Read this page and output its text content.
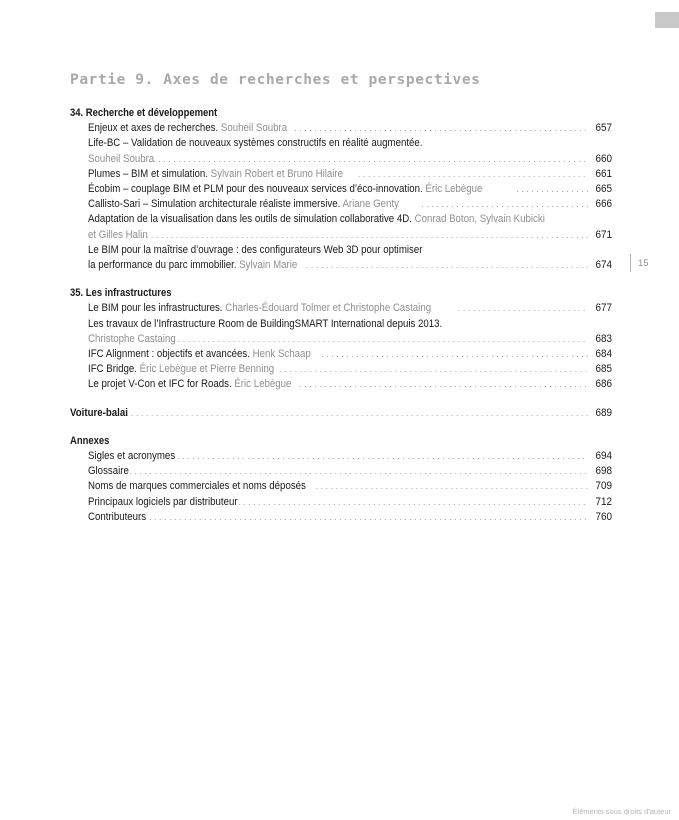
Partie 9. Axes de recherches et perspectives
34. Recherche et développement
Enjeux et axes de recherches. Souheil Soubra . . .	657
Life-BC – Validation de nouveaux systèmes constructifs en réalité augmentée.
Souheil Soubra . . .	660
Plumes – BIM et simulation. Sylvain Robert et Bruno Hilaire . . .	661
Écobim – couplage BIM et PLM pour des nouveaux services d’éco-innovation. Éric Lebègue . . .	665
Callisto-Sari – Simulation architecturale réaliste immersive. Ariane Genty . . .	666
Adaptation de la visualisation dans les outils de simulation collaborative 4D. Conrad Boton, Sylvain Kubicki
et Gilles Halin . . .	671
Le BIM pour la maîtrise d’ouvrage : des configurateurs Web 3D pour optimiser
la performance du parc immobilier. Sylvain Marie . . .	674
35. Les infrastructures
Le BIM pour les infrastructures. Charles-Édouard Tolmer et Christophe Castaing . . .	677
Les travaux de l’Infrastructure Room de BuildingSMART International depuis 2013.
Christophe Castaing . . .	683
IFC Alignment : objectifs et avancées. Henk Schaap . . .	684
IFC Bridge. Éric Lebègue et Pierre Benning . . .	685
Le projet V-Con et IFC for Roads. Éric Lebègue . . .	686
Voiture-balai . . .	689
Annexes
Sigles et acronymes . . .	694
Glossaire . . .	698
Noms de marques commerciales et noms déposés . . .	709
Principaux logiciels par distributeur . . .	712
Contributeurs . . .	760
15
Éléments sous droits d'auteur
